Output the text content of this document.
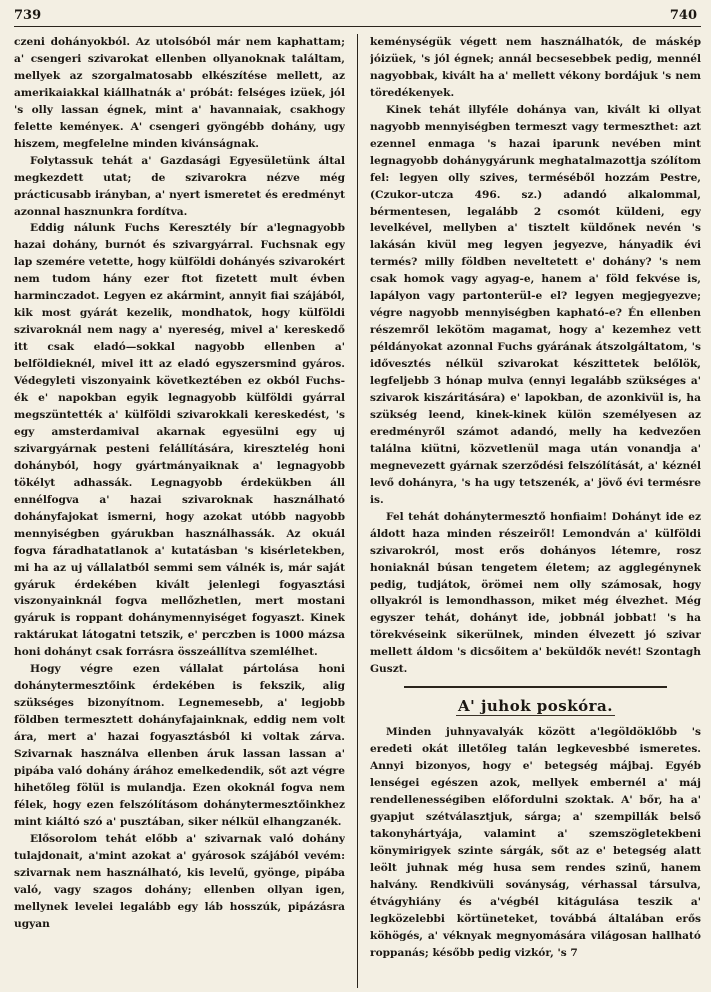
739	740

czeni dohányokból. Az utolsóból már nem kaphattam; a' csengeri szivarokat ellenben ollyanoknak találtam, mellyek az szorgalmatosabb elkészítése mellett, az amerikaiakkal kiállhatnák a' próbát: felséges izüek, jól 's olly lassan égnek, mint a' havannaiak, csakhogy felette keményeк. A' csengeri gyöngébb dohány, ugy hiszem, megfelelne minden kivánságnak.

Folytassuk tehát a' Gazdasági Egyesületünk által megkezdett utat; de szivarokra nézve még prácticusabb irányban, a' nyert ismeretet és eredményt azonnal hasznunkra fordítva.

Eddig nálunk Fuchs Keresztély bír a'legnagyobb hazai dohány, burnót és szivargyárral. Fuchsnak egy lap szemére vetette, hogy külföldi dohányés szivarokért nem tudom hány ezer ftot fizetett mult évben harminczadot. Legyen ez akármint, annyit fiai szájából, kik most gyárát kezelik, mondhatok, hogy külföldi szivaroknál nem nagy a' nyereség, mivel a' kereskedő itt csak eladó—sokkal nagyobb ellenben a' belföldieknél, mivel itt az eladó egyszersmind gyáros. Védegyleti viszonyaink következtében ez okból Fuchs-ék e' napokban egyik legnagyobb külföldi gyárral megszüntették a' külföldi szivarokkali kereskedést, 's egy amsterdamival akarnak egyesülni egy uj szivargyárnak pesteni felállítására, kiresztelég honi dohányból, hogy gyártmányaiknak a' legnagyobb tökélyt adhassák. Legnagyobb érdekükben áll ennélfogva a' hazai szivaroknak használható dohányfajokat ismerni, hogy azokat utóbb nagyobb mennyiségben gyárukban használhassák. Az okuál fogva fáradhatatlanok a' kutatásban 's kisérletekben, mi ha az uj vállalatból semmi sem válnék is, már saját gyáruk érdekében kivált jelenlegi fogyasztási viszonyainknál fogva mellőzhetlen, mert mostani gyáruk is roppant dohánymennyiséget fogyaszt. Kinek raktárukat látogatni tetszik, e' perczben is 1000 mázsa honi dohányt csak forrásra összeállítva szemlélhet.

Hogy végre ezen vállalat pártolása honi dohánytermesztőink érdekében is fekszik, alig szükséges bizonyítnom. Legnemesebb, a' legjobb földben termesztett dohányfajainknak, eddig nem volt ára, mert a' hazai fogyasztásból ki voltak zárva. Szivarnak használva ellenben áruk lassan lassan a' pipába való dohány árához emelkedendik, sőt azt végre hihetőleg fölül is mulandja. Ezen okoknál fogva nem félek, hogy ezen felszólításom dohánytermesztőinkhez mint kiáltó szó a' pusztában, siker nélkül elhangzanék.

Elősorolom tehát előbb a' szivarnak való dohány tulajdonait, a'mint azokat a' gyárosok szájából vevém: szivarnak nem használható, kis levelű, gyönge, pipába való, vagy szagos dohány; ellenben ollyan igen, mellynek levelei legalább egy láb hosszúk, pipázásra ugyan

keménységük végett nem használhatók, de máskép jóizüek, 's jól égnek; annál becsesebbek pedig, mennél nagyobbak, kivált ha a' mellett vékony bordájuk 's nem töredékenyek.

Kinek tehát illyféle dohánya van, kivált ki ollyat nagyobb mennyiségben termeszt vagy termeszthet: azt ezennel enmaga 's hazai iparunk nevében mint legnagyobb dohánygyárunk meghatalmazottja szólítom fel: legyen olly szives, terméséből hozzám Pestre, (Czukor-utcza 496. sz.) adandó alkalommal, bérmentesen, legalább 2 csomót küldeni, egy levelkével, mellyben a' tisztelt küldőnek nevén 's lakásán kivül meg legyen jegyezve, hányadik évi termés? milly földben neveltetett e' dohány? 's nem csak homok vagy agyag-e, hanem a' föld fekvése is, lapályon vagy partonterül-e el? legyen megjegyezve; végre nagyobb mennyiségben kapható-e? Én ellenben részemről lekötöm magamat, hogy a' kezemhez vett példányokat azonnal Fuchs gyárának átszolgáltatom, 's idővesztés nélkül szivarokat készittetek belőlök, legfeljebb 3 hónap mulva (ennyi legalább szükséges a' szivarok kiszáritására) e' lapokban, de azonkivül is, ha szükség leend, kinek-kinek külön személyesen az eredményről számot adandó, melly ha kedvezően találna kiütni, közvetlenül maga után vonandja a' megnevezett gyárnak szerződési felszólítását, a' kéznél levő dohányra, 's ha ugy tetszenék, a' jövő évi termésre is.

Fel tehát dohánytermesztő honfiaim! Dohányt ide ez áldott haza minden részeiről! Lemondván a' külföldi szivarokról, most erős dohányos létemre, rosz honiaknál búsan tengetem életem; az agglegénynek pedig, tudjátok, örömei nem olly számosak, hogy ollyakról is lemondhasson, miket még élvezhet. Még egyszer tehát, dohányt ide, jobbnál jobbat! 's ha törekvéseink sikerülnek, minden élvezett jó szivar mellett áldom 's dicsőitem a' beküldők nevét! Szontagh Guszt.

A' juhok poskóra.

Minden juhnyavalyák között a'legöldöklőbb 's eredeti okát illetőleg talán legkevesbbé ismeretes. Annyi bizonyos, hogy e' betegség májbaj. Egyéb lenségei egészen azok, mellyek embernél a' máj rendellenességiben előfordulni szoktak. A' bőr, ha a' gyapjut szétválasztjuk, sárga; a' szempillák belső takonyhártyája, valamint a' szemszögletekbeni könymirigyek szinte sárgák, sőt az e' betegség alatt leölt juhnak még husa sem rendes szinű, hanem halvány. Rendkivüli soványság, vérhassal társulva, étvágyhiány és a'végbél kitágulása teszik a' legközelebbi körtüneteket, továbbá általában erős köhögés, a' véknyak megnyomására világosan hallható roppanás; később pedig vizkór, 's 7
